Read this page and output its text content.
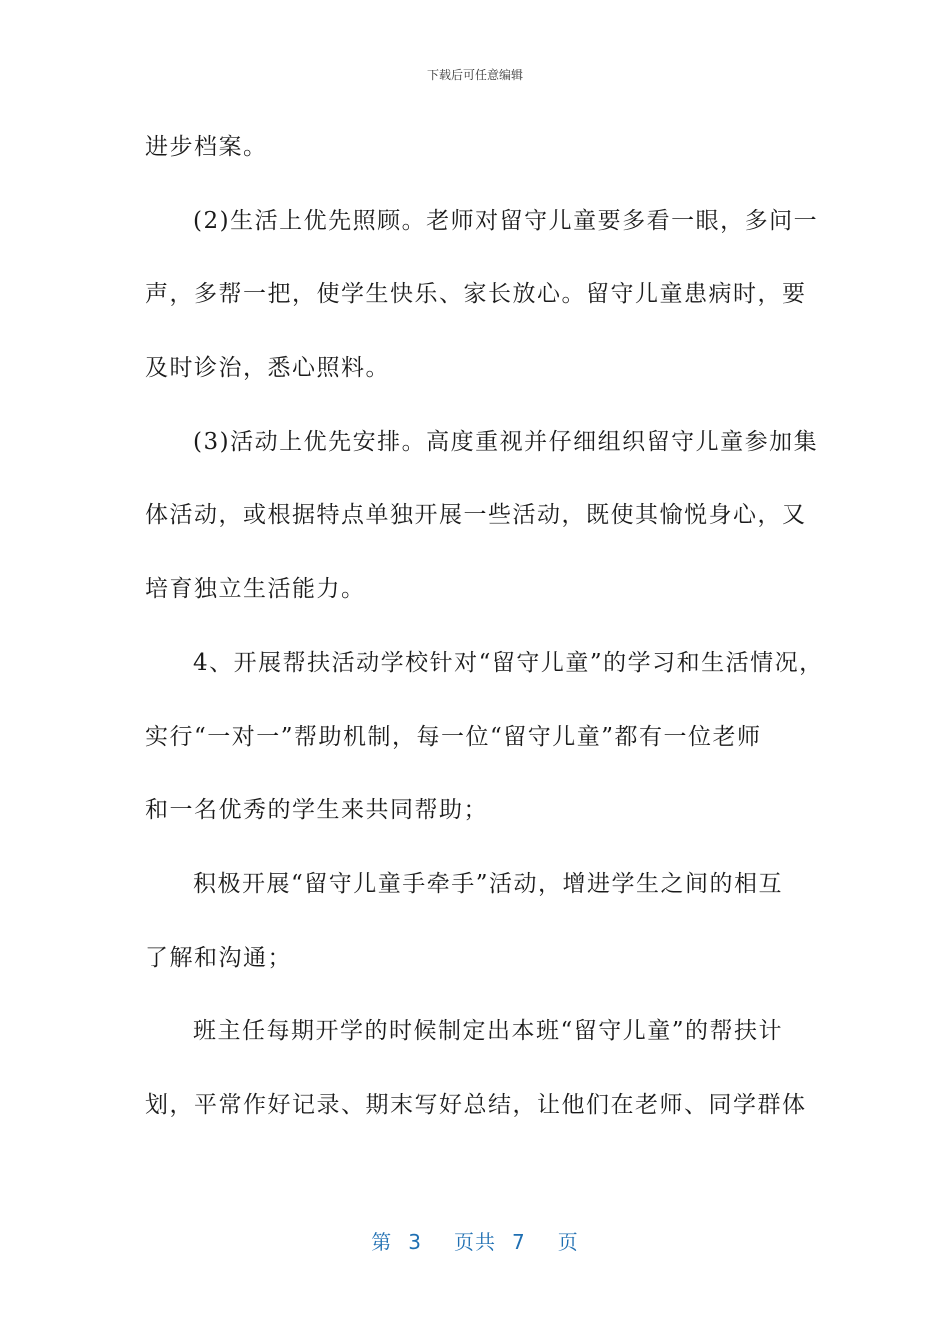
下载后可任意编辑
进步档案。
(2)生活上优先照顾。老师对留守儿童要多看一眼，多问一
声，多帮一把，使学生快乐、家长放心。留守儿童患病时，要
及时诊治，悉心照料。
(3)活动上优先安排。高度重视并仔细组织留守儿童参加集
体活动，或根据特点单独开展一些活动，既使其愉悦身心，又
培育独立生活能力。
4、开展帮扶活动学校针对“留守儿童”的学习和生活情况，
实行“一对一”帮助机制，每一位“留守儿童”都有一位老师
和一名优秀的学生来共同帮助；
积极开展“留守儿童手牵手”活动，增进学生之间的相互
了解和沟通；
班主任每期开学的时候制定出本班“留守儿童”的帮扶计
划，平常作好记录、期末写好总结，让他们在老师、同学群体
第 3 页共 7 页
